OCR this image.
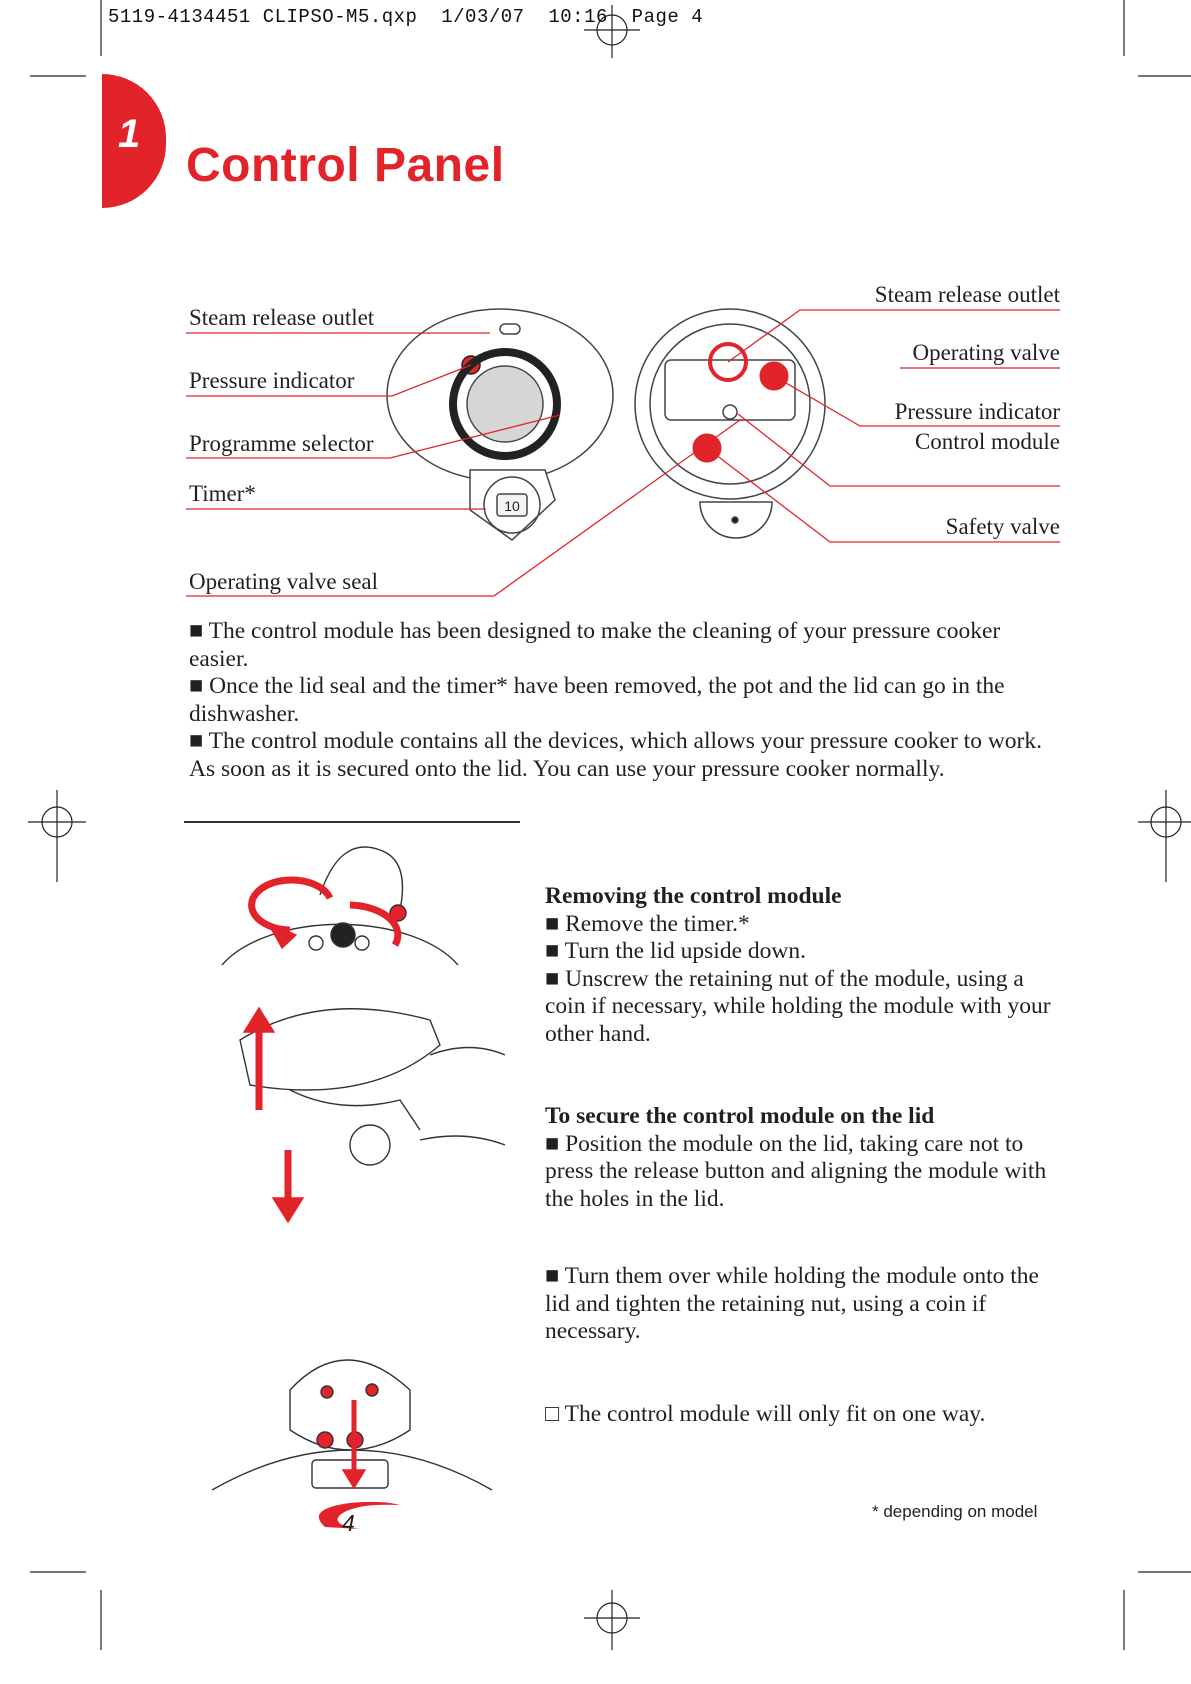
5119-4134451 CLIPSO-M5.qxp  1/03/07  10:16  Page 4
1
Control Panel
10
Steam release outlet
Pressure indicator
Programme selector
Timer*
Operating valve seal
Steam release outlet
Operating valve
Pressure indicator
Control module
Safety valve

■ The control module has been designed to make the cleaning of your pressure cooker easier.

■ Once the lid seal and the timer* have been removed, the pot and the lid can go in the dishwasher.

■ The control module contains all the devices, which allows your pressure cooker to work. As soon as it is secured onto the lid. You can use your pressure cooker normally.

Removing the control module

■ Remove the timer.*

■ Turn the lid upside down.

■ Unscrew the retaining nut of the module, using a coin if necessary, while holding the module with your other hand.

To secure the control module on the lid

■ Position the module on the lid, taking care not to press the release button and aligning the module with the holes in the lid.

■ Turn them over while holding the module onto the lid and tighten the retaining nut, using a coin if necessary.

□ The control module will only fit on one way.

4	* depending on model
